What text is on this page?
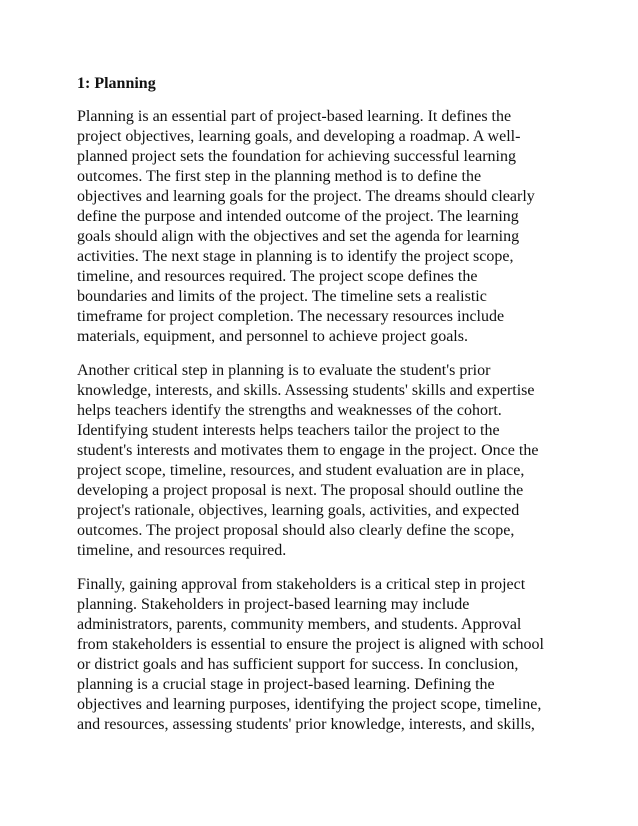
1: Planning

Planning is an essential part of project-based learning. It defines the
project objectives, learning goals, and developing a roadmap. A well-
planned project sets the foundation for achieving successful learning
outcomes. The first step in the planning method is to define the
objectives and learning goals for the project. The dreams should clearly
define the purpose and intended outcome of the project. The learning
goals should align with the objectives and set the agenda for learning
activities. The next stage in planning is to identify the project scope,
timeline, and resources required. The project scope defines the
boundaries and limits of the project. The timeline sets a realistic
timeframe for project completion. The necessary resources include
materials, equipment, and personnel to achieve project goals.

Another critical step in planning is to evaluate the student's prior
knowledge, interests, and skills. Assessing students' skills and expertise
helps teachers identify the strengths and weaknesses of the cohort.
Identifying student interests helps teachers tailor the project to the
student's interests and motivates them to engage in the project. Once the
project scope, timeline, resources, and student evaluation are in place,
developing a project proposal is next. The proposal should outline the
project's rationale, objectives, learning goals, activities, and expected
outcomes. The project proposal should also clearly define the scope,
timeline, and resources required.

Finally, gaining approval from stakeholders is a critical step in project
planning. Stakeholders in project-based learning may include
administrators, parents, community members, and students. Approval
from stakeholders is essential to ensure the project is aligned with school
or district goals and has sufficient support for success. In conclusion,
planning is a crucial stage in project-based learning. Defining the
objectives and learning purposes, identifying the project scope, timeline,
and resources, assessing students' prior knowledge, interests, and skills,
